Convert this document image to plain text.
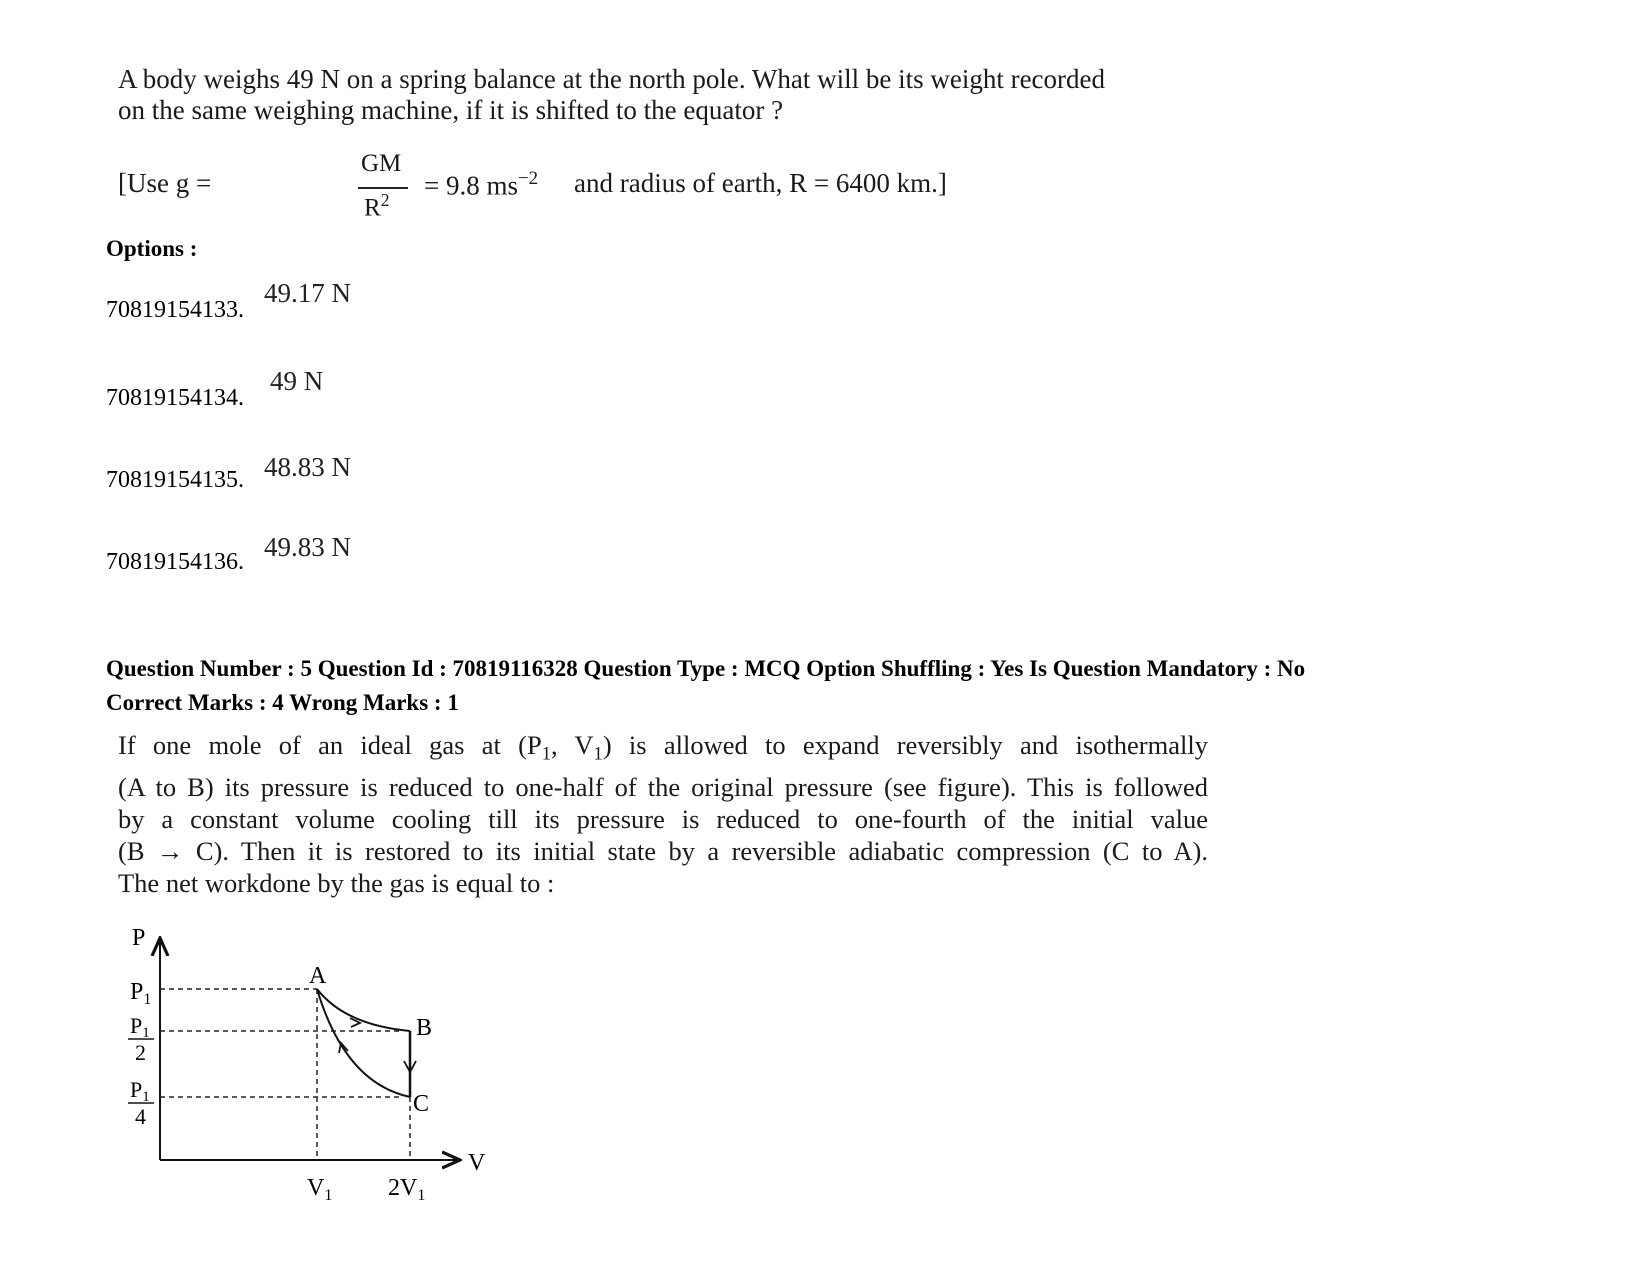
A body weighs 49 N on a spring balance at the north pole. What will be its weight recorded
on the same weighing machine, if it is shifted to the equator ?
[Use g =
GM
$R^2 = 9.8$ $ms^{-2}$ and radius of earth, R = 6400 km.]
Options :
70819154133.
49.17 N
70819154134.
49 N
70819154135. 48.83 N
70819154136. 49.83 N
Question Number : 5 Question Id : 70819116328 Question Type : MCQ Option Shuffling : Yes Is Question Mandatory : No
Correct Marks : 4 Wrong Marks : 1
If one mole of an ideal gas at ($P_1$, $V_1$) is allowed to expand reversibly and isothermally
(A to B) its pressure is reduced to one-half of the original pressure (see figure). This is followed
by a constant volume cooling till its pressure is reduced to one-fourth of the initial value
(B → C). Then it is restored to its initial state by a reversible adiabatic compression (C to A).
The net workdone by the gas is equal to :
P
V
$P_1$
P1
2
P1
4
$V_1$ $2V_1$
A
B
C
